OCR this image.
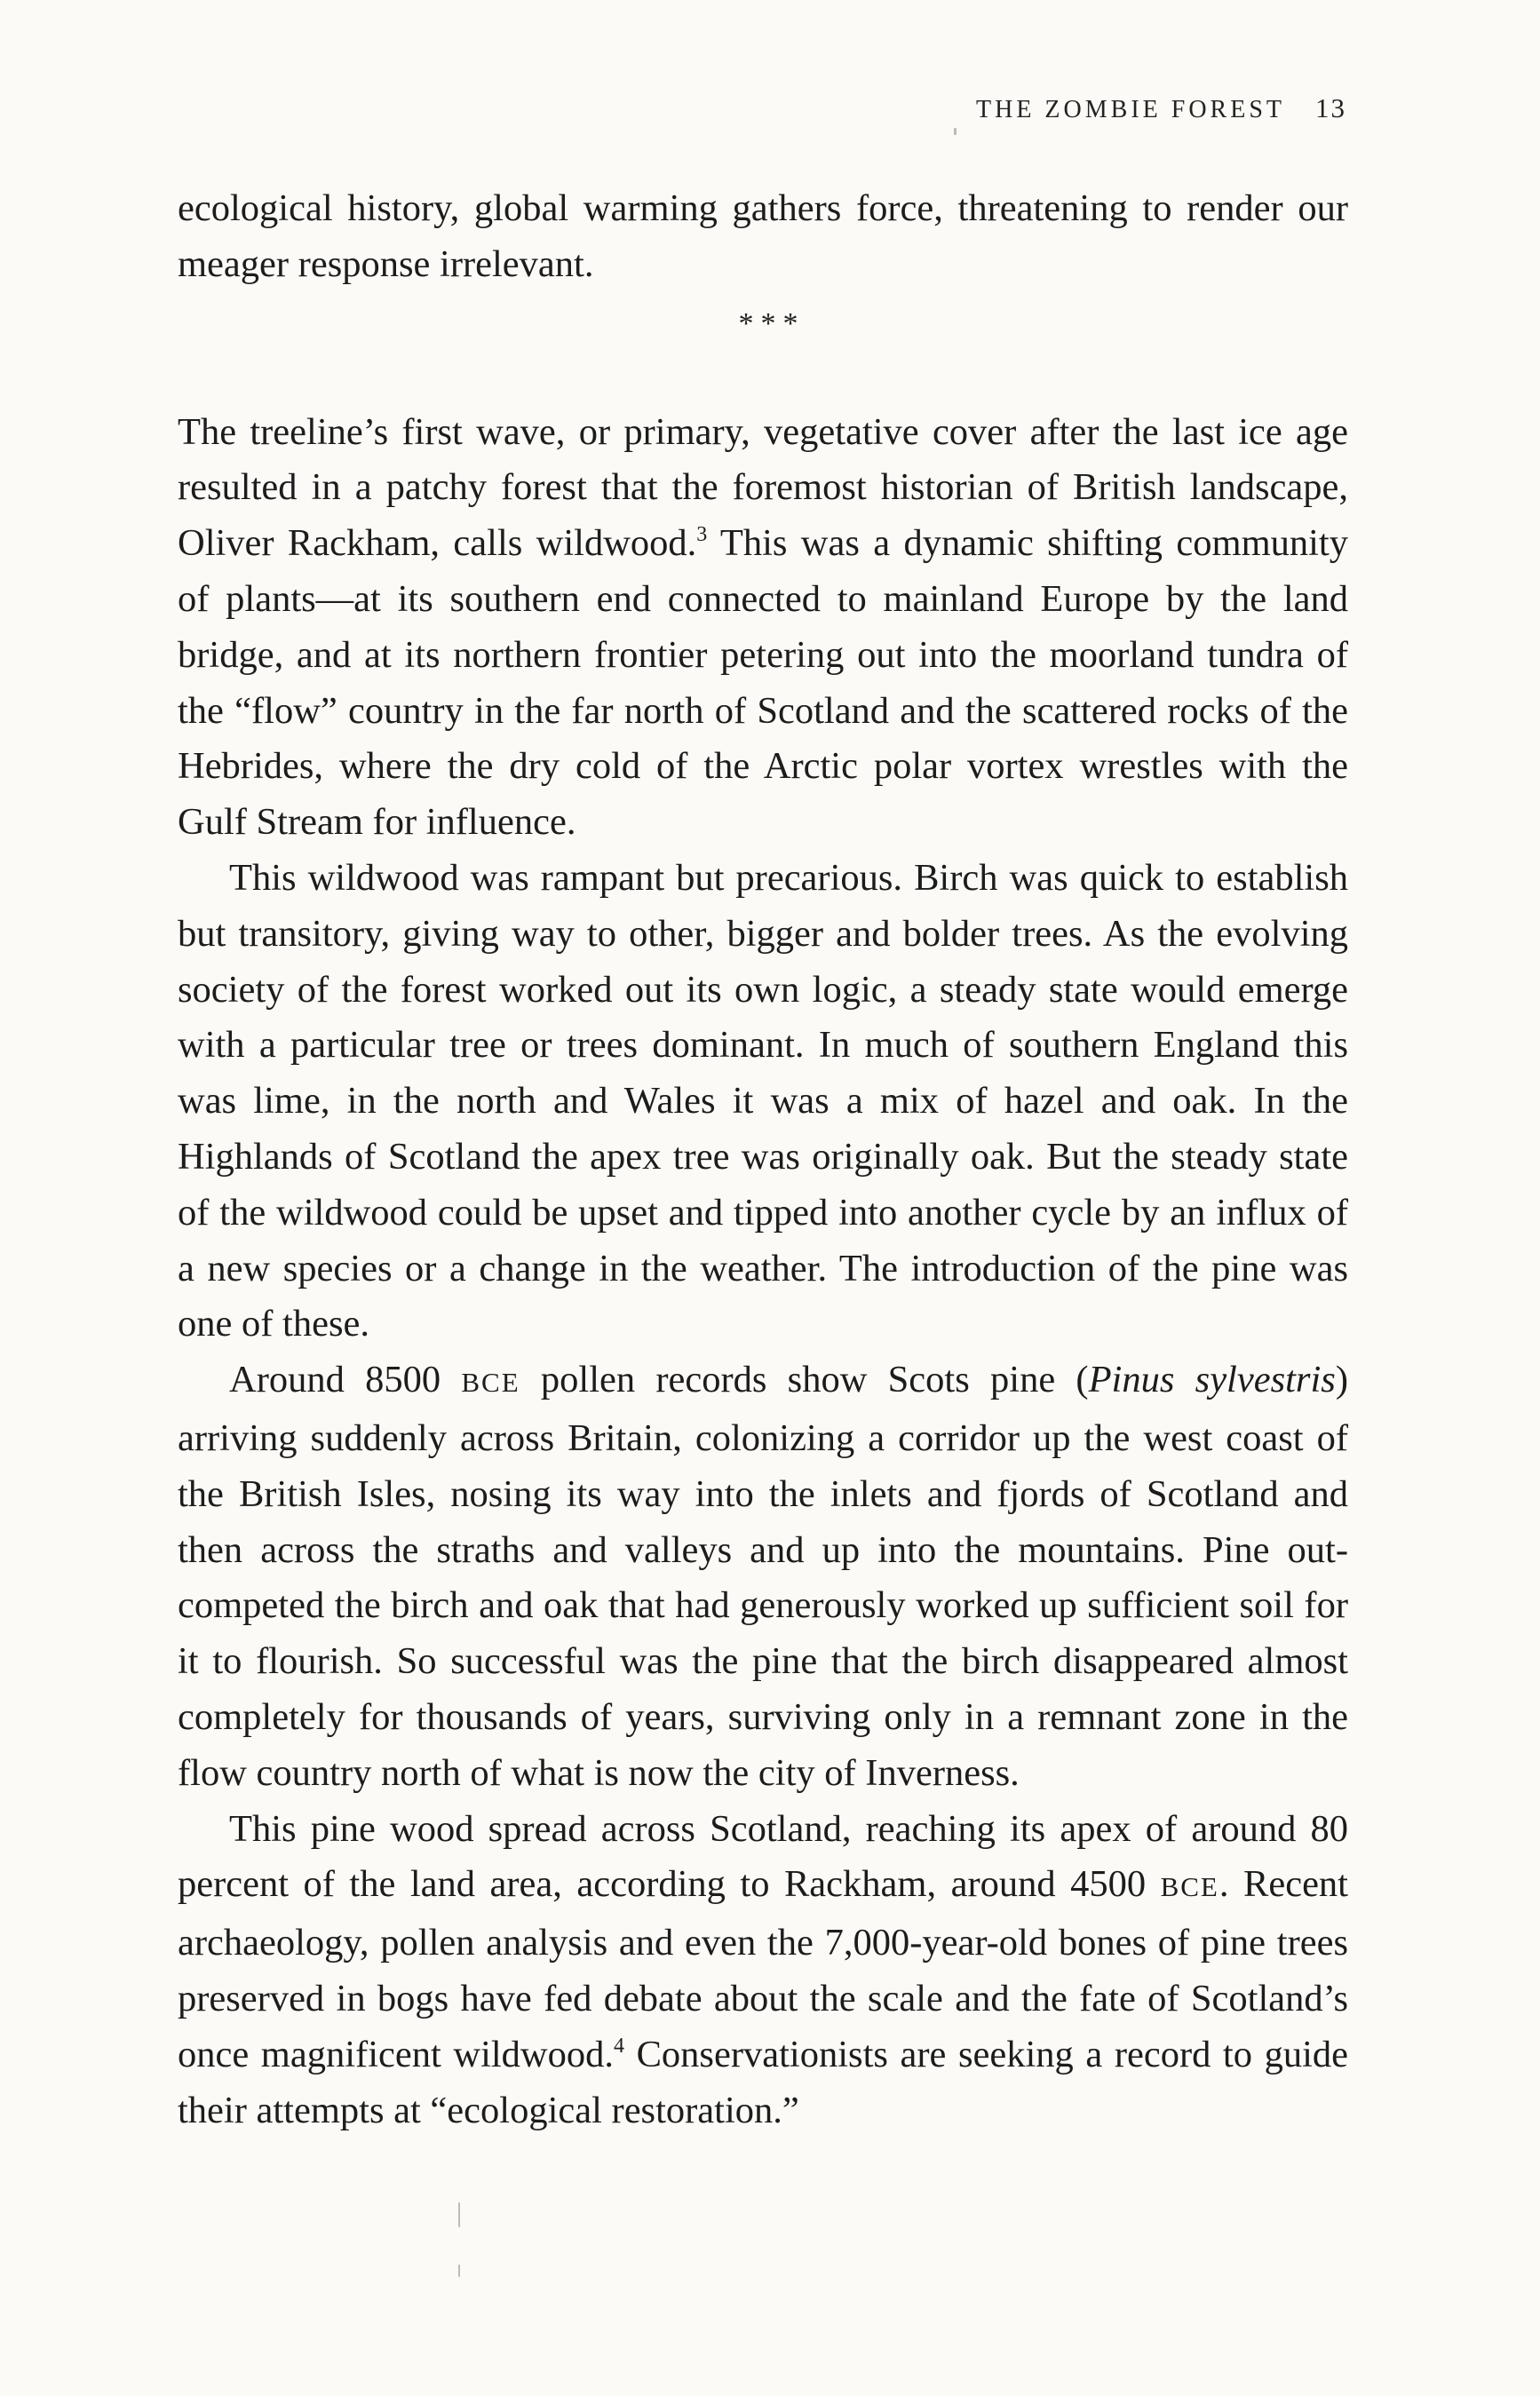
THE ZOMBIE FOREST 13

ecological history, global warming gathers force, threatening to render our meager response irrelevant.

***

The treeline’s first wave, or primary, vegetative cover after the last ice age resulted in a patchy forest that the foremost historian of British landscape, Oliver Rackham, calls wildwood.$^3$ This was a dynamic shifting community of plants—at its southern end connected to mainland Europe by the land bridge, and at its northern frontier petering out into the moorland tundra of the “flow” country in the far north of Scotland and the scattered rocks of the Hebrides, where the dry cold of the Arctic polar vortex wrestles with the Gulf Stream for influence.

This wildwood was rampant but precarious. Birch was quick to establish but transitory, giving way to other, bigger and bolder trees. As the evolving society of the forest worked out its own logic, a steady state would emerge with a particular tree or trees dominant. In much of southern England this was lime, in the north and Wales it was a mix of hazel and oak. In the Highlands of Scotland the apex tree was originally oak. But the steady state of the wildwood could be upset and tipped into another cycle by an influx of a new species or a change in the weather. The introduction of the pine was one of these.

Around 8500 BCE pollen records show Scots pine (Pinus sylvestris) arriving suddenly across Britain, colonizing a corridor up the west coast of the British Isles, nosing its way into the inlets and fjords of Scotland and then across the straths and valleys and up into the mountains. Pine out-competed the birch and oak that had generously worked up sufficient soil for it to flourish. So successful was the pine that the birch disappeared almost completely for thousands of years, surviving only in a remnant zone in the flow country north of what is now the city of Inverness.

This pine wood spread across Scotland, reaching its apex of around 80 percent of the land area, according to Rackham, around 4500 BCE. Recent archaeology, pollen analysis and even the 7,000-year-old bones of pine trees preserved in bogs have fed debate about the scale and the fate of Scotland’s once magnificent wildwood.$^4$ Conservationists are seeking a record to guide their attempts at “ecological restoration.”
